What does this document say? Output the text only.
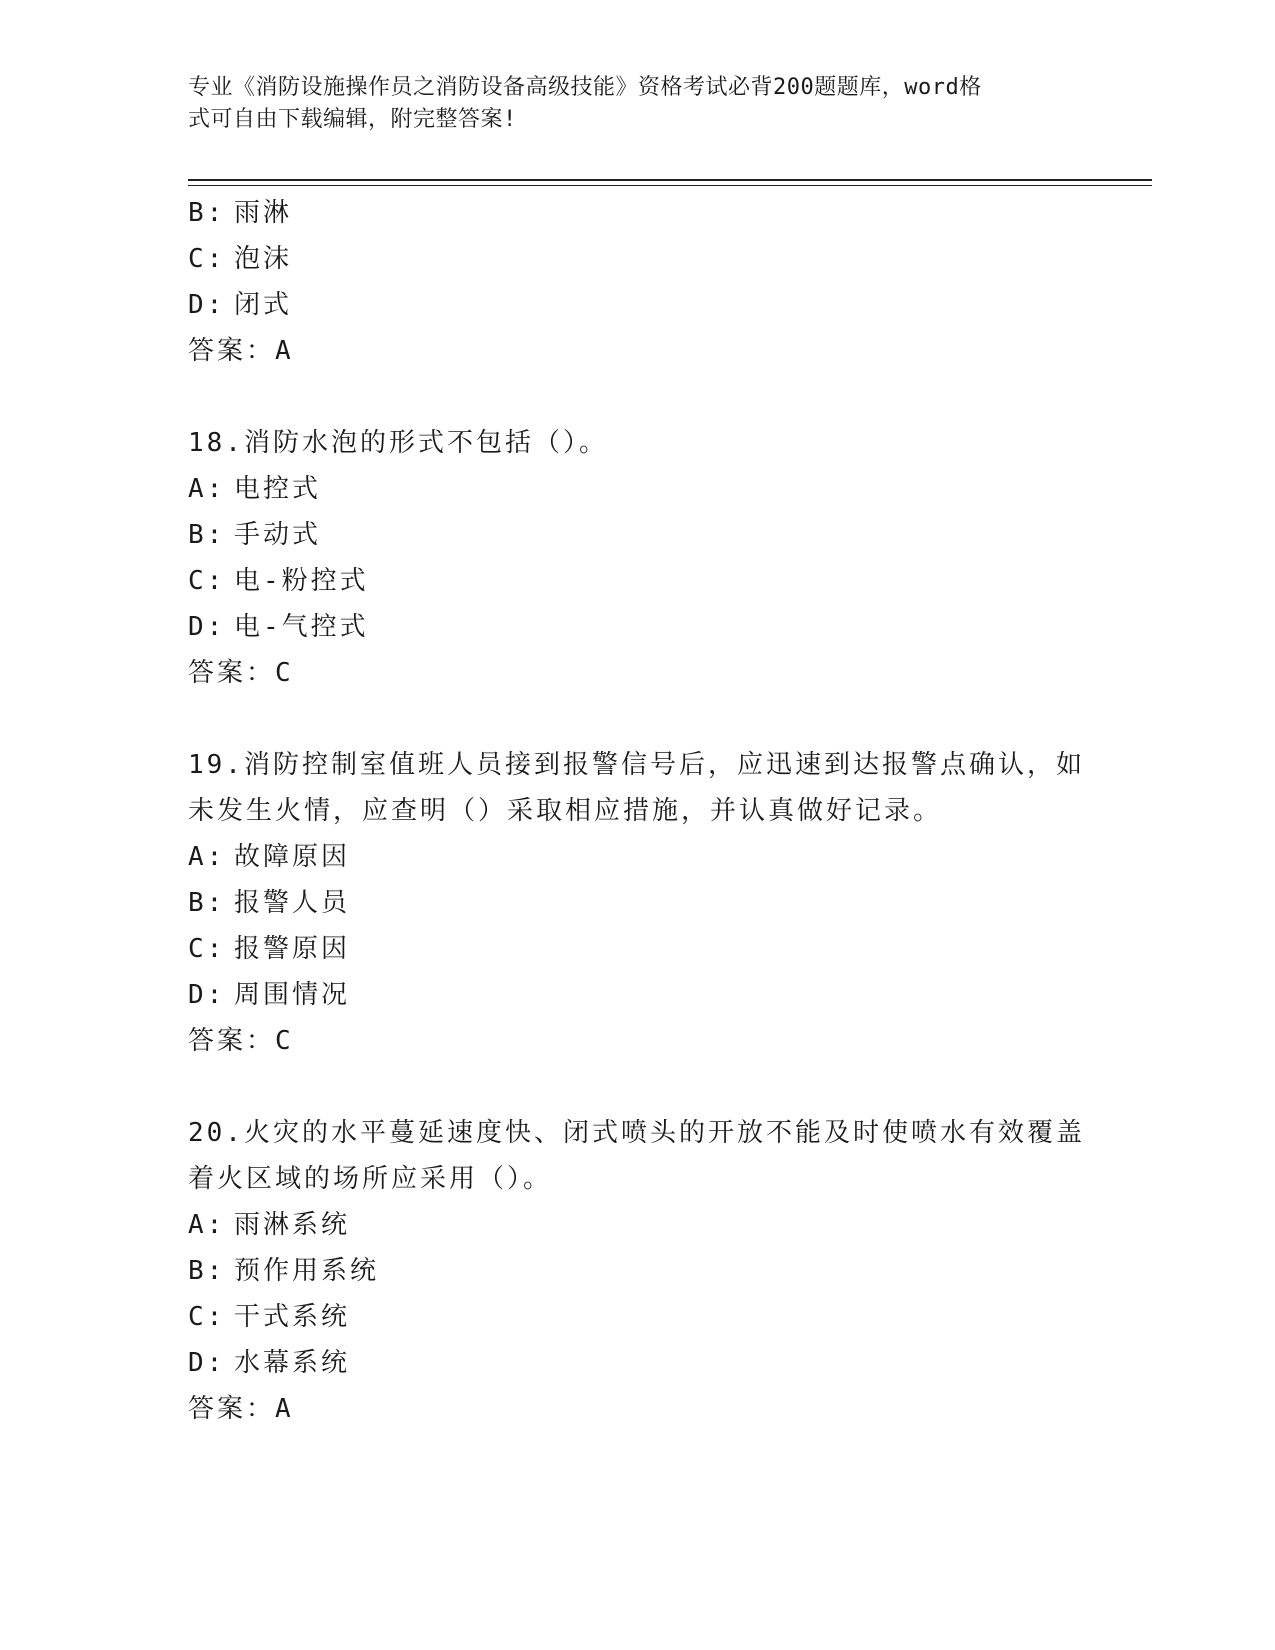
专业《消防设施操作员之消防设备高级技能》资格考试必背200题题库，word格
式可自由下载编辑，附完整答案!
B: 雨淋
C: 泡沫
D: 闭式
答案：A
18.消防水泡的形式不包括（）。
A: 电控式
B: 手动式
C: 电-粉控式
D: 电-气控式
答案：C
19.消防控制室值班人员接到报警信号后，应迅速到达报警点确认，如未发生火情，应查明（）采取相应措施，并认真做好记录。
A: 故障原因
B: 报警人员
C: 报警原因
D: 周围情况
答案：C
20.火灾的水平蔓延速度快、闭式喷头的开放不能及时使喷水有效覆盖着火区域的场所应采用（）。
A: 雨淋系统
B: 预作用系统
C: 干式系统
D: 水幕系统
答案：A
